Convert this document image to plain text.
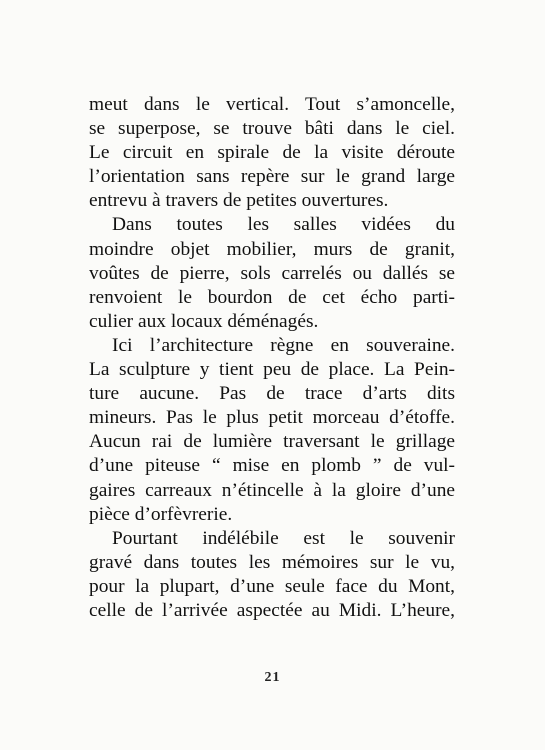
meut dans le vertical. Tout s’amoncelle,
se superpose, se trouve bâti dans le ciel.
Le circuit en spirale de la visite déroute
l’orientation sans repère sur le grand large
entrevu à travers de petites ouvertures.
Dans toutes les salles vidées du
moindre objet mobilier, murs de granit,
voûtes de pierre, sols carrelés ou dallés se
renvoient le bourdon de cet écho parti-
culier aux locaux déménagés.
Ici l’architecture règne en souveraine.
La sculpture y tient peu de place. La Pein-
ture aucune. Pas de trace d’arts dits
mineurs. Pas le plus petit morceau d’étoffe.
Aucun rai de lumière traversant le grillage
d’une piteuse “ mise en plomb ” de vul-
gaires carreaux n’étincelle à la gloire d’une
pièce d’orfèvrerie.
Pourtant indélébile est le souvenir
gravé dans toutes les mémoires sur le vu,
pour la plupart, d’une seule face du Mont,
celle de l’arrivée aspectée au Midi. L’heure,
21
